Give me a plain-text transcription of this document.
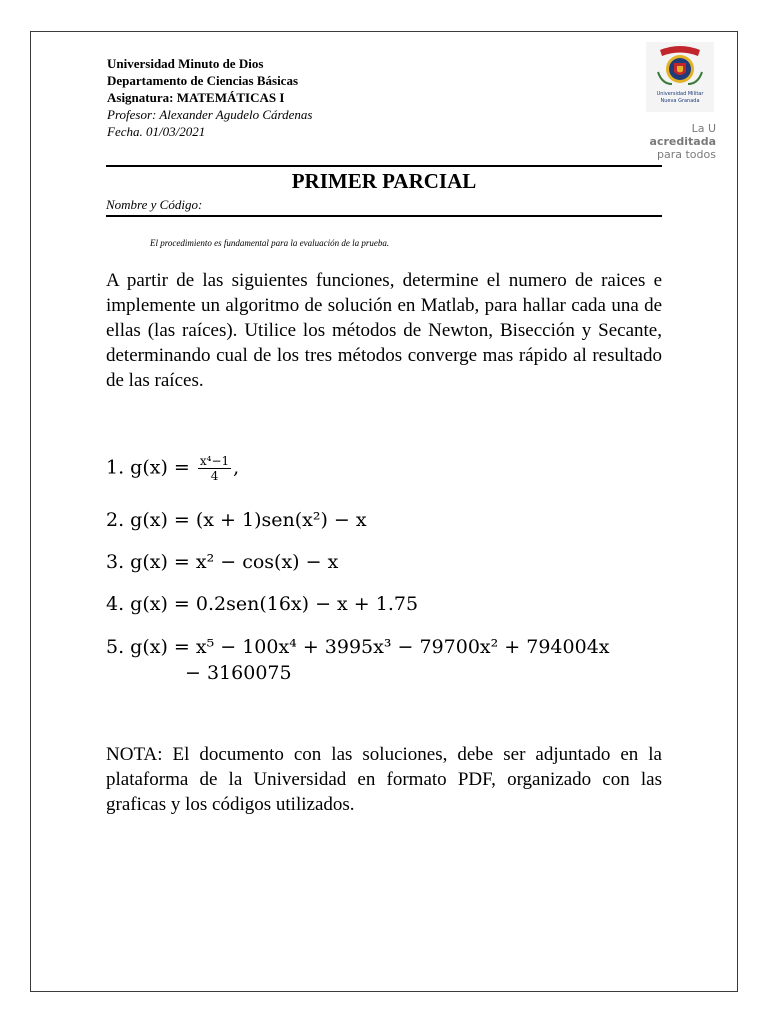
Universidad Minuto de Dios
Departamento de Ciencias Básicas
Asignatura: MATEMÁTICAS I
Profesor: Alexander Agudelo Cárdenas
Fecha. 01/03/2021
Universidad Militar
Nueva Granada
La U
acreditada
para todos
PRIMER PARCIAL
Nombre y Código:
El procedimiento es fundamental para la evaluación de la prueba.
A partir de las siguientes funciones, determine el numero de raices e implemente un algoritmo de solución en Matlab, para hallar cada una de ellas (las raíces). Utilice los métodos de Newton, Bisección y Secante, determinando cual de los tres métodos converge mas rápido al resultado de las raíces.
1. $g(x) = \frac{\text{x⁴−1}}{4}$ ,
2. g(x) = (x + 1)sen(x²) − x
3. g(x) = x² − cos(x) − x
4. g(x) = 0.2sen(16x) − x + 1.75
5. g(x) = x⁵ − 100x⁴ + 3995x³ − 79700x² + 794004x
− 3160075
NOTA: El documento con las soluciones, debe ser adjuntado en la plataforma de la Universidad en formato PDF, organizado con las graficas y los códigos utilizados.
